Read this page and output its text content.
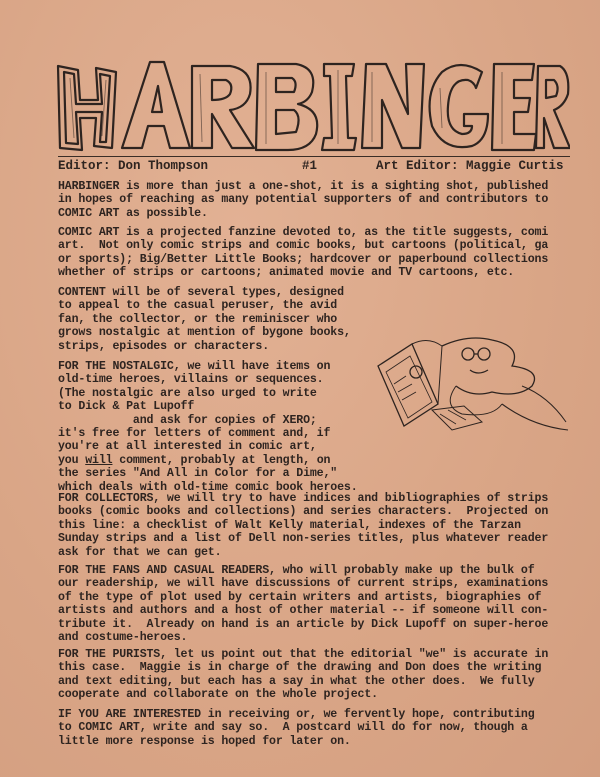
Editor: Don Thompson	#1	Art Editor: Maggie Curtis
HARBINGER is more than just a one-shot, it is a sighting shot, published
in hopes of reaching as many potential supporters of and contributors to
COMIC ART as possible.
COMIC ART is a projected fanzine devoted to, as the title suggests, comi
art.  Not only comic strips and comic books, but cartoons (political, ga
or sports); Big/Better Little Books; hardcover or paperbound collections
whether of strips or cartoons; animated movie and TV cartoons, etc.
CONTENT will be of several types, designed
to appeal to the casual peruser, the avid
fan, the collector, or the reminiscer who
grows nostalgic at mention of bygone books,
strips, episodes or characters.
FOR THE NOSTALGIC, we will have items on
old-time heroes, villains or sequences.
(The nostalgic are also urged to write
to Dick & Pat Lupoff
and ask for copies of XERO;
it's free for letters of comment and, if
you're at all interested in comic art,
you will comment, probably at length, on
the series "And All in Color for a Dime,"
which deals with old-time comic book heroes.
FOR COLLECTORS, we will try to have indices and bibliographies of strips
books (comic books and collections) and series characters.  Projected on
this line: a checklist of Walt Kelly material, indexes of the Tarzan
Sunday strips and a list of Dell non-series titles, plus whatever reader
ask for that we can get.
FOR THE FANS AND CASUAL READERS, who will probably make up the bulk of
our readership, we will have discussions of current strips, examinations
of the type of plot used by certain writers and artists, biographies of
artists and authors and a host of other material -- if someone will con-
tribute it.  Already on hand is an article by Dick Lupoff on super-heroe
and costume-heroes.
FOR THE PURISTS, let us point out that the editorial "we" is accurate in
this case.  Maggie is in charge of the drawing and Don does the writing
and text editing, but each has a say in what the other does.  We fully
cooperate and collaborate on the whole project.
IF YOU ARE INTERESTED in receiving or, we fervently hope, contributing
to COMIC ART, write and say so.  A postcard will do for now, though a
little more response is hoped for later on.
